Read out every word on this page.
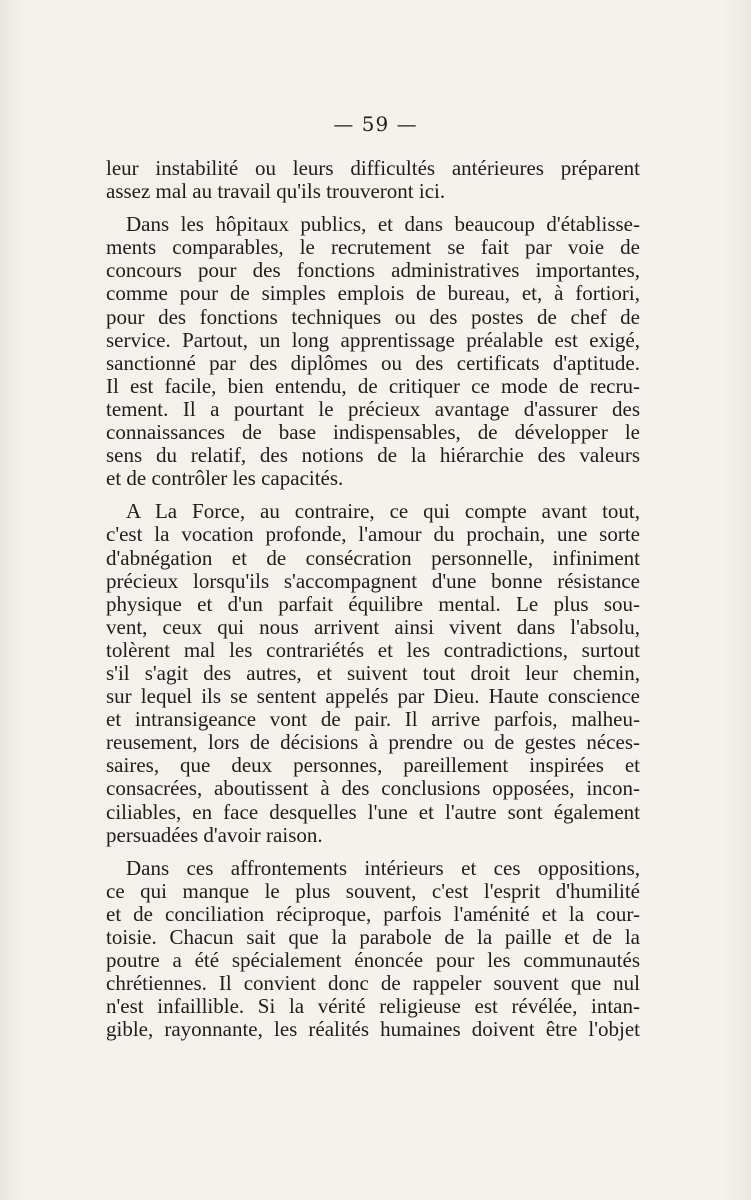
— 59 —
leur instabilité ou leurs difficultés antérieures préparent
assez mal au travail qu'ils trouveront ici.
Dans les hôpitaux publics, et dans beaucoup d'établisse-
ments comparables, le recrutement se fait par voie de
concours pour des fonctions administratives importantes,
comme pour de simples emplois de bureau, et, à fortiori,
pour des fonctions techniques ou des postes de chef de
service. Partout, un long apprentissage préalable est exigé,
sanctionné par des diplômes ou des certificats d'aptitude.
Il est facile, bien entendu, de critiquer ce mode de recru-
tement. Il a pourtant le précieux avantage d'assurer des
connaissances de base indispensables, de développer le
sens du relatif, des notions de la hiérarchie des valeurs
et de contrôler les capacités.
A La Force, au contraire, ce qui compte avant tout,
c'est la vocation profonde, l'amour du prochain, une sorte
d'abnégation et de consécration personnelle, infiniment
précieux lorsqu'ils s'accompagnent d'une bonne résistance
physique et d'un parfait équilibre mental. Le plus sou-
vent, ceux qui nous arrivent ainsi vivent dans l'absolu,
tolèrent mal les contrariétés et les contradictions, surtout
s'il s'agit des autres, et suivent tout droit leur chemin,
sur lequel ils se sentent appelés par Dieu. Haute conscience
et intransigeance vont de pair. Il arrive parfois, malheu-
reusement, lors de décisions à prendre ou de gestes néces-
saires, que deux personnes, pareillement inspirées et
consacrées, aboutissent à des conclusions opposées, incon-
ciliables, en face desquelles l'une et l'autre sont également
persuadées d'avoir raison.
Dans ces affrontements intérieurs et ces oppositions,
ce qui manque le plus souvent, c'est l'esprit d'humilité
et de conciliation réciproque, parfois l'aménité et la cour-
toisie. Chacun sait que la parabole de la paille et de la
poutre a été spécialement énoncée pour les communautés
chrétiennes. Il convient donc de rappeler souvent que nul
n'est infaillible. Si la vérité religieuse est révélée, intan-
gible, rayonnante, les réalités humaines doivent être l'objet
